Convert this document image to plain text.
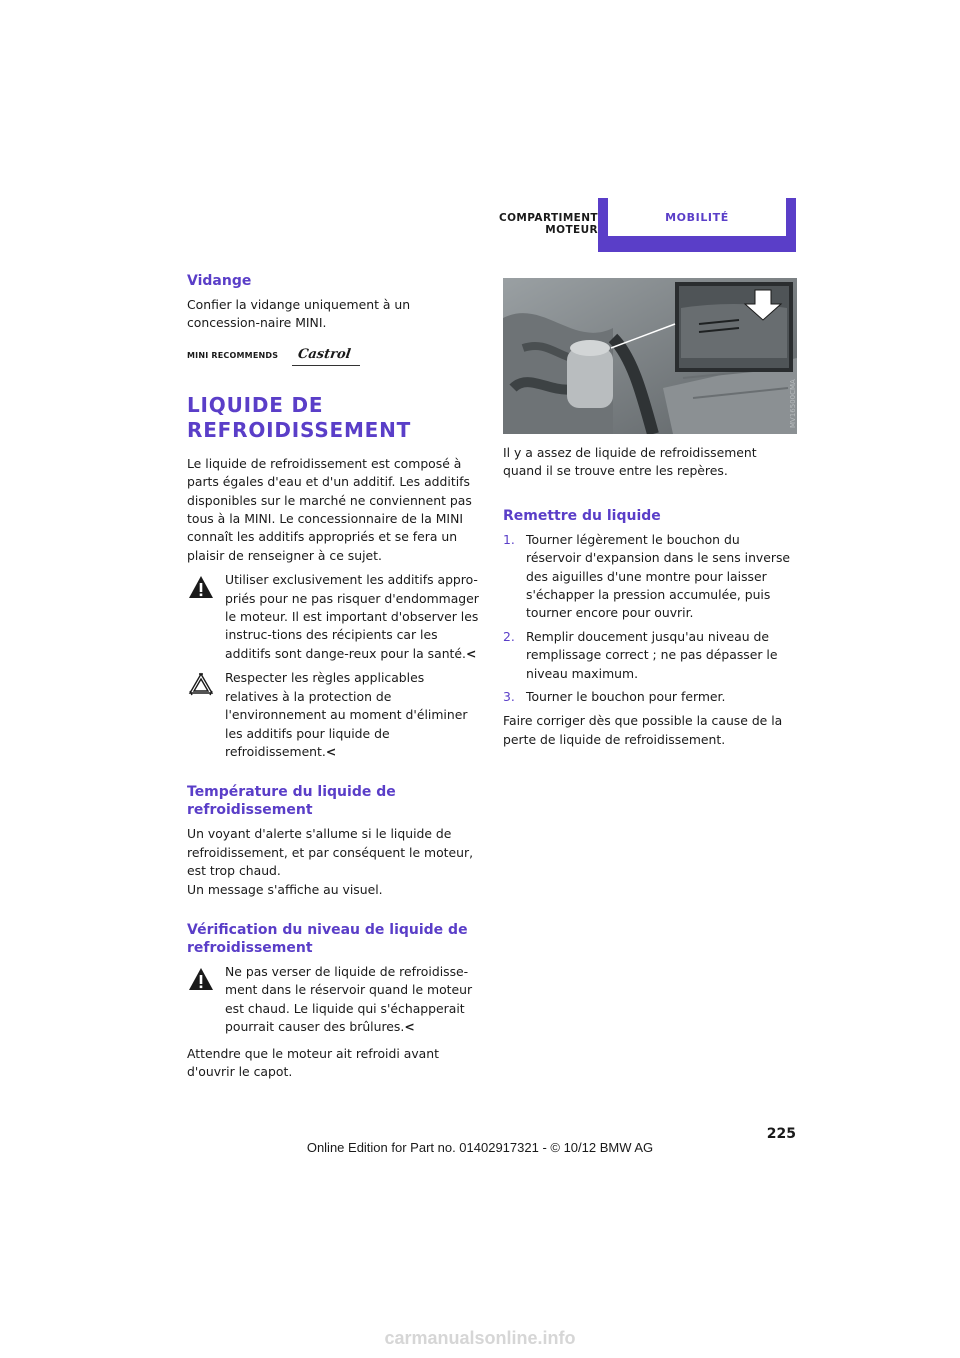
COMPARTIMENT MOTEUR
MOBILITÉ
Vidange

Confier la vidange uniquement à un concession-naire MINI.

MINI RECOMMENDS Castrol
LIQUIDE DE
REFROIDISSEMENT

Le liquide de refroidissement est composé à parts égales d'eau et d'un additif. Les additifs disponibles sur le marché ne conviennent pas tous à la MINI. Le concessionnaire de la MINI connaît les additifs appropriés et se fera un plaisir de renseigner à ce sujet.

Utiliser exclusivement les additifs appro-priés pour ne pas risquer d'endommager le moteur. Il est important d'observer les instruc-tions des récipients car les additifs sont dange-reux pour la santé.<

Respecter les règles applicables relatives à la protection de l'environnement au moment d'éliminer les additifs pour liquide de refroidissement.<

Température du liquide de refroidissement

Un voyant d'alerte s'allume si le liquide de refroidissement, et par conséquent le moteur, est trop chaud.

Un message s'affiche au visuel.

Vérification du niveau de liquide de refroidissement

Ne pas verser de liquide de refroidisse-ment dans le réservoir quand le moteur est chaud. Le liquide qui s'échapperait pourrait causer des brûlures.<

Attendre que le moteur ait refroidi avant d'ouvrir le capot.

MV16500CMA

Il y a assez de liquide de refroidissement quand il se trouve entre les repères.

Remettre du liquide
1. Tourner légèrement le bouchon du réservoir d'expansion dans le sens inverse des aiguilles d'une montre pour laisser s'échapper la pression accumulée, puis tourner encore pour ouvrir.
2. Remplir doucement jusqu'au niveau de remplissage correct ; ne pas dépasser le niveau maximum.
3. Tourner le bouchon pour fermer.

Faire corriger dès que possible la cause de la perte de liquide de refroidissement.

225
Online Edition for Part no. 01402917321 - © 10/12 BMW AG
carmanualsonline.info
